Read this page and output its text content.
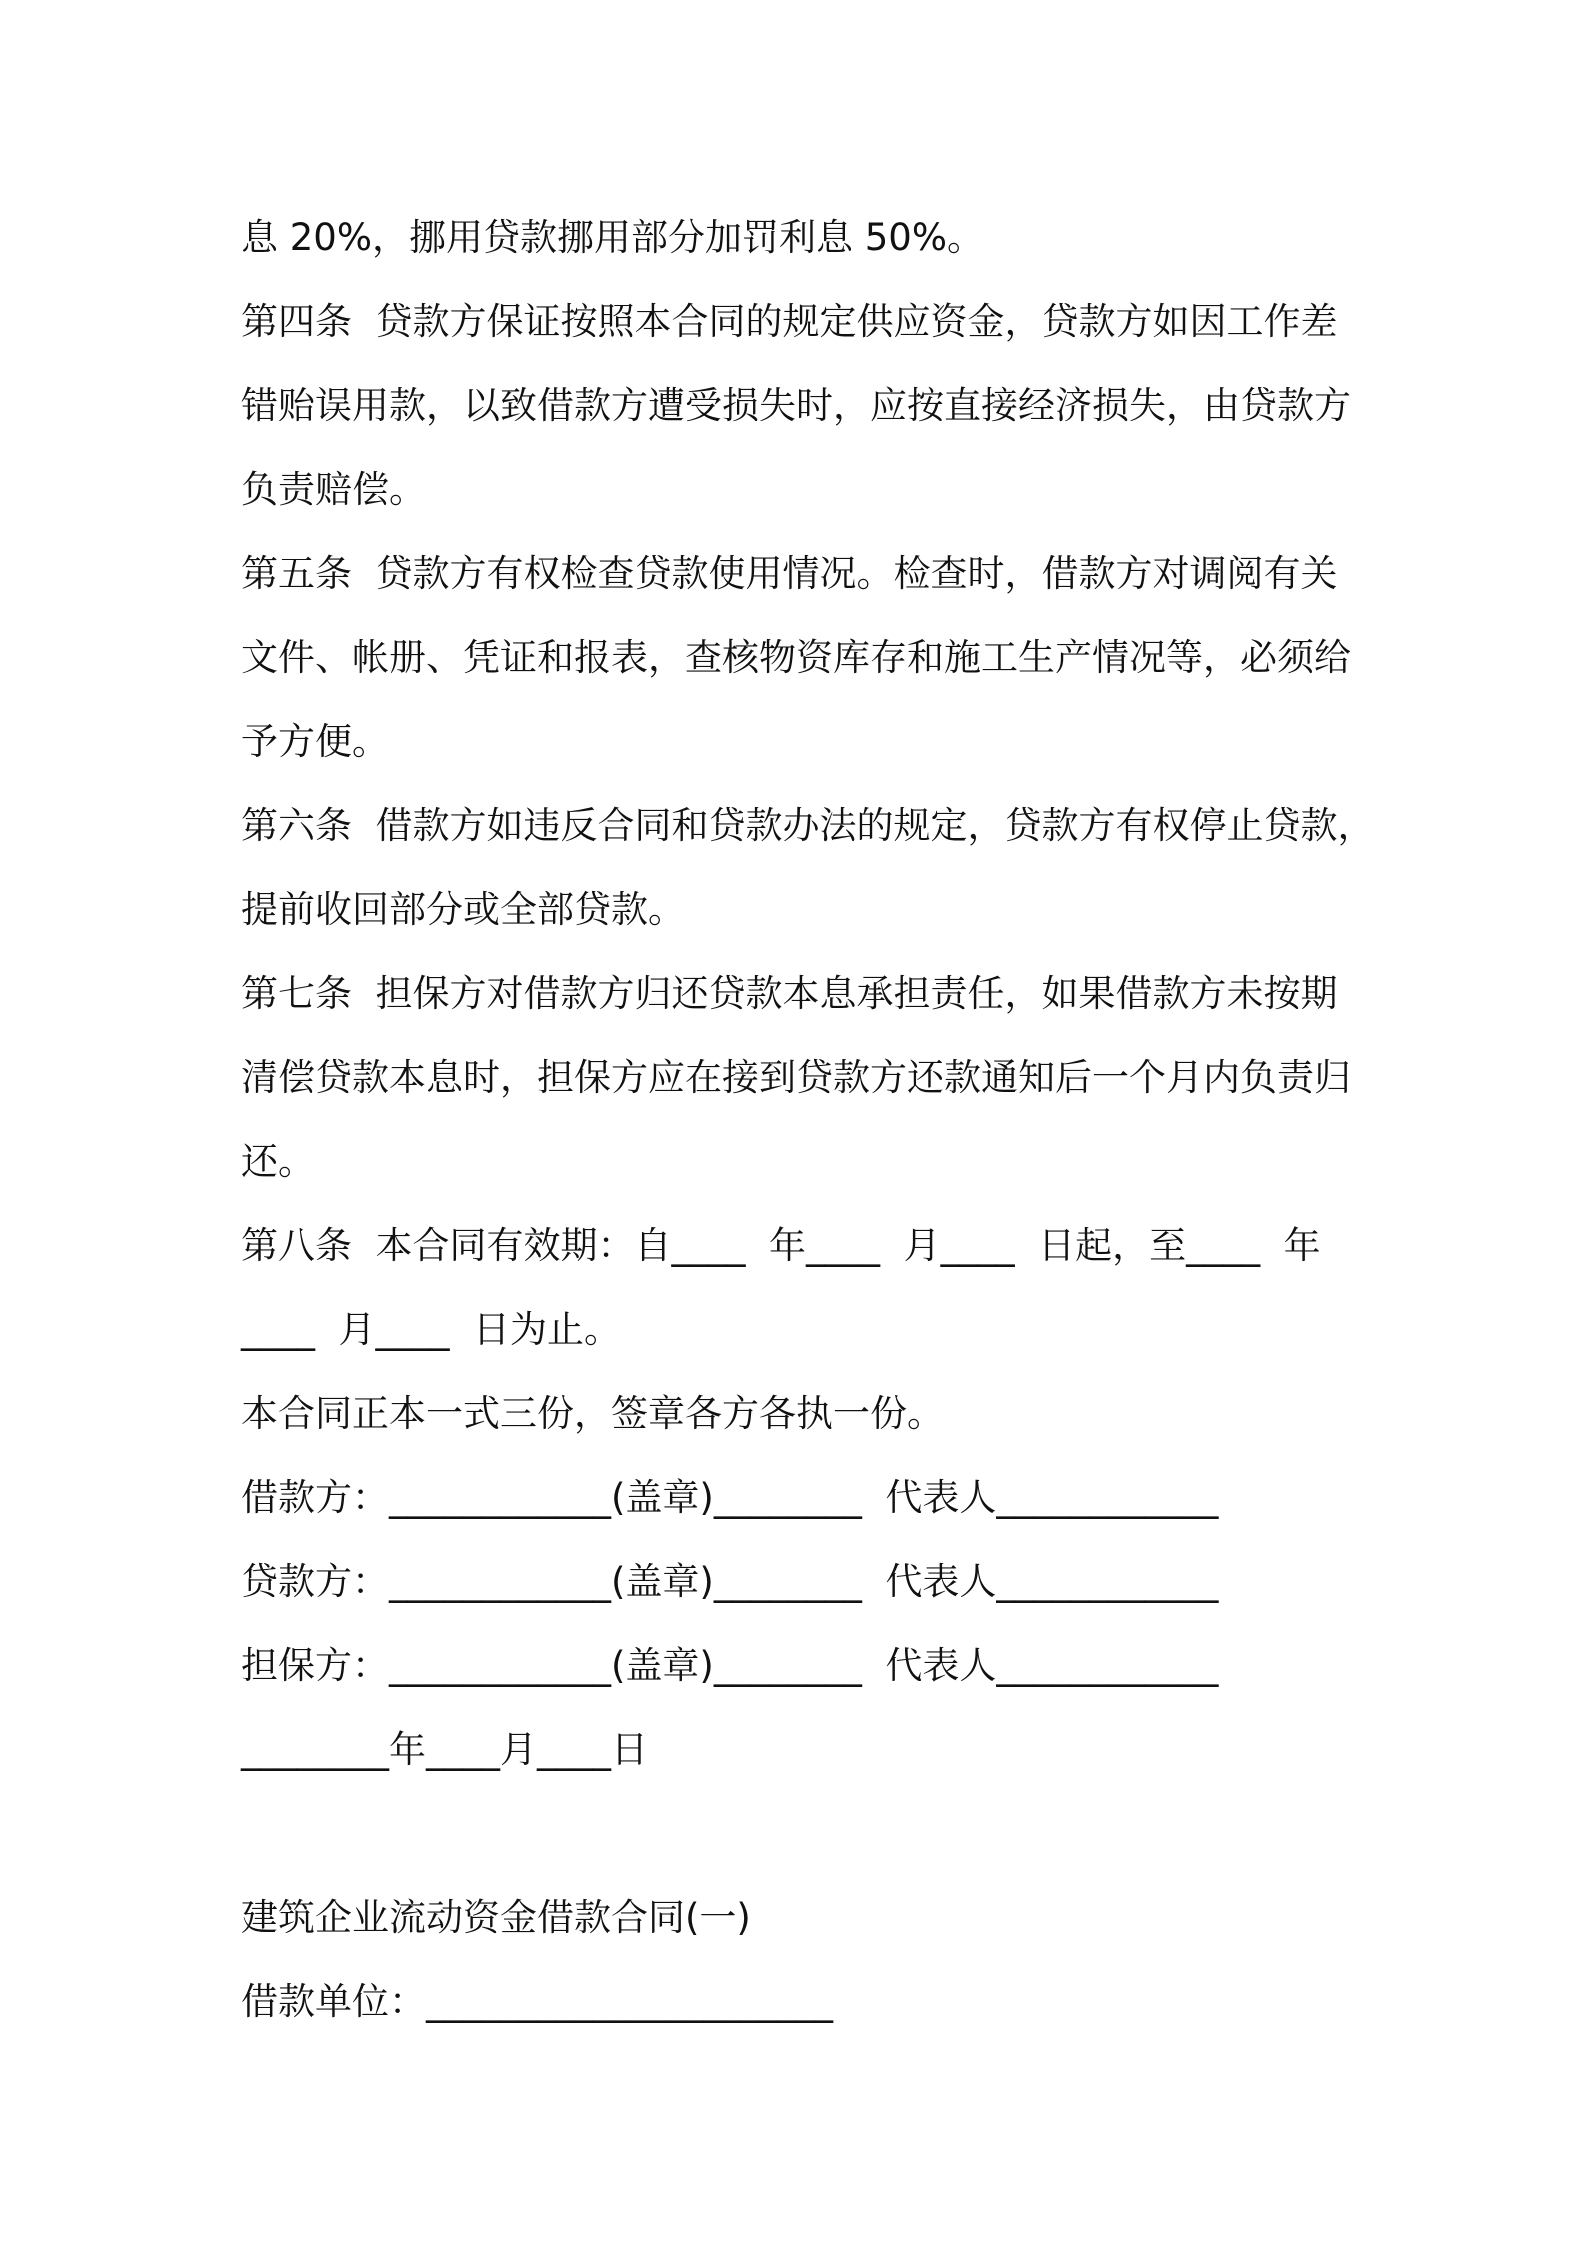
息 20%，挪用贷款挪用部分加罚利息 50%。
第四条  贷款方保证按照本合同的规定供应资金，贷款方如因工作差
错贻误用款，以致借款方遭受损失时，应按直接经济损失，由贷款方
负责赔偿。
第五条  贷款方有权检查贷款使用情况。检查时，借款方对调阅有关
文件、帐册、凭证和报表，查核物资库存和施工生产情况等，必须给
予方便。
第六条  借款方如违反合同和贷款办法的规定，贷款方有权停止贷款，
提前收回部分或全部贷款。
第七条  担保方对借款方归还贷款本息承担责任，如果借款方未按期
清偿贷款本息时，担保方应在接到贷款方还款通知后一个月内负责归
还。
第八条  本合同有效期：自____  年____  月____  日起，至____  年
____  月____  日为止。
本合同正本一式三份，签章各方各执一份。
借款方：____________(盖章)________  代表人____________
贷款方：____________(盖章)________  代表人____________
担保方：____________(盖章)________  代表人____________
________年____月____日
建筑企业流动资金借款合同(一)
借款单位：______________________
